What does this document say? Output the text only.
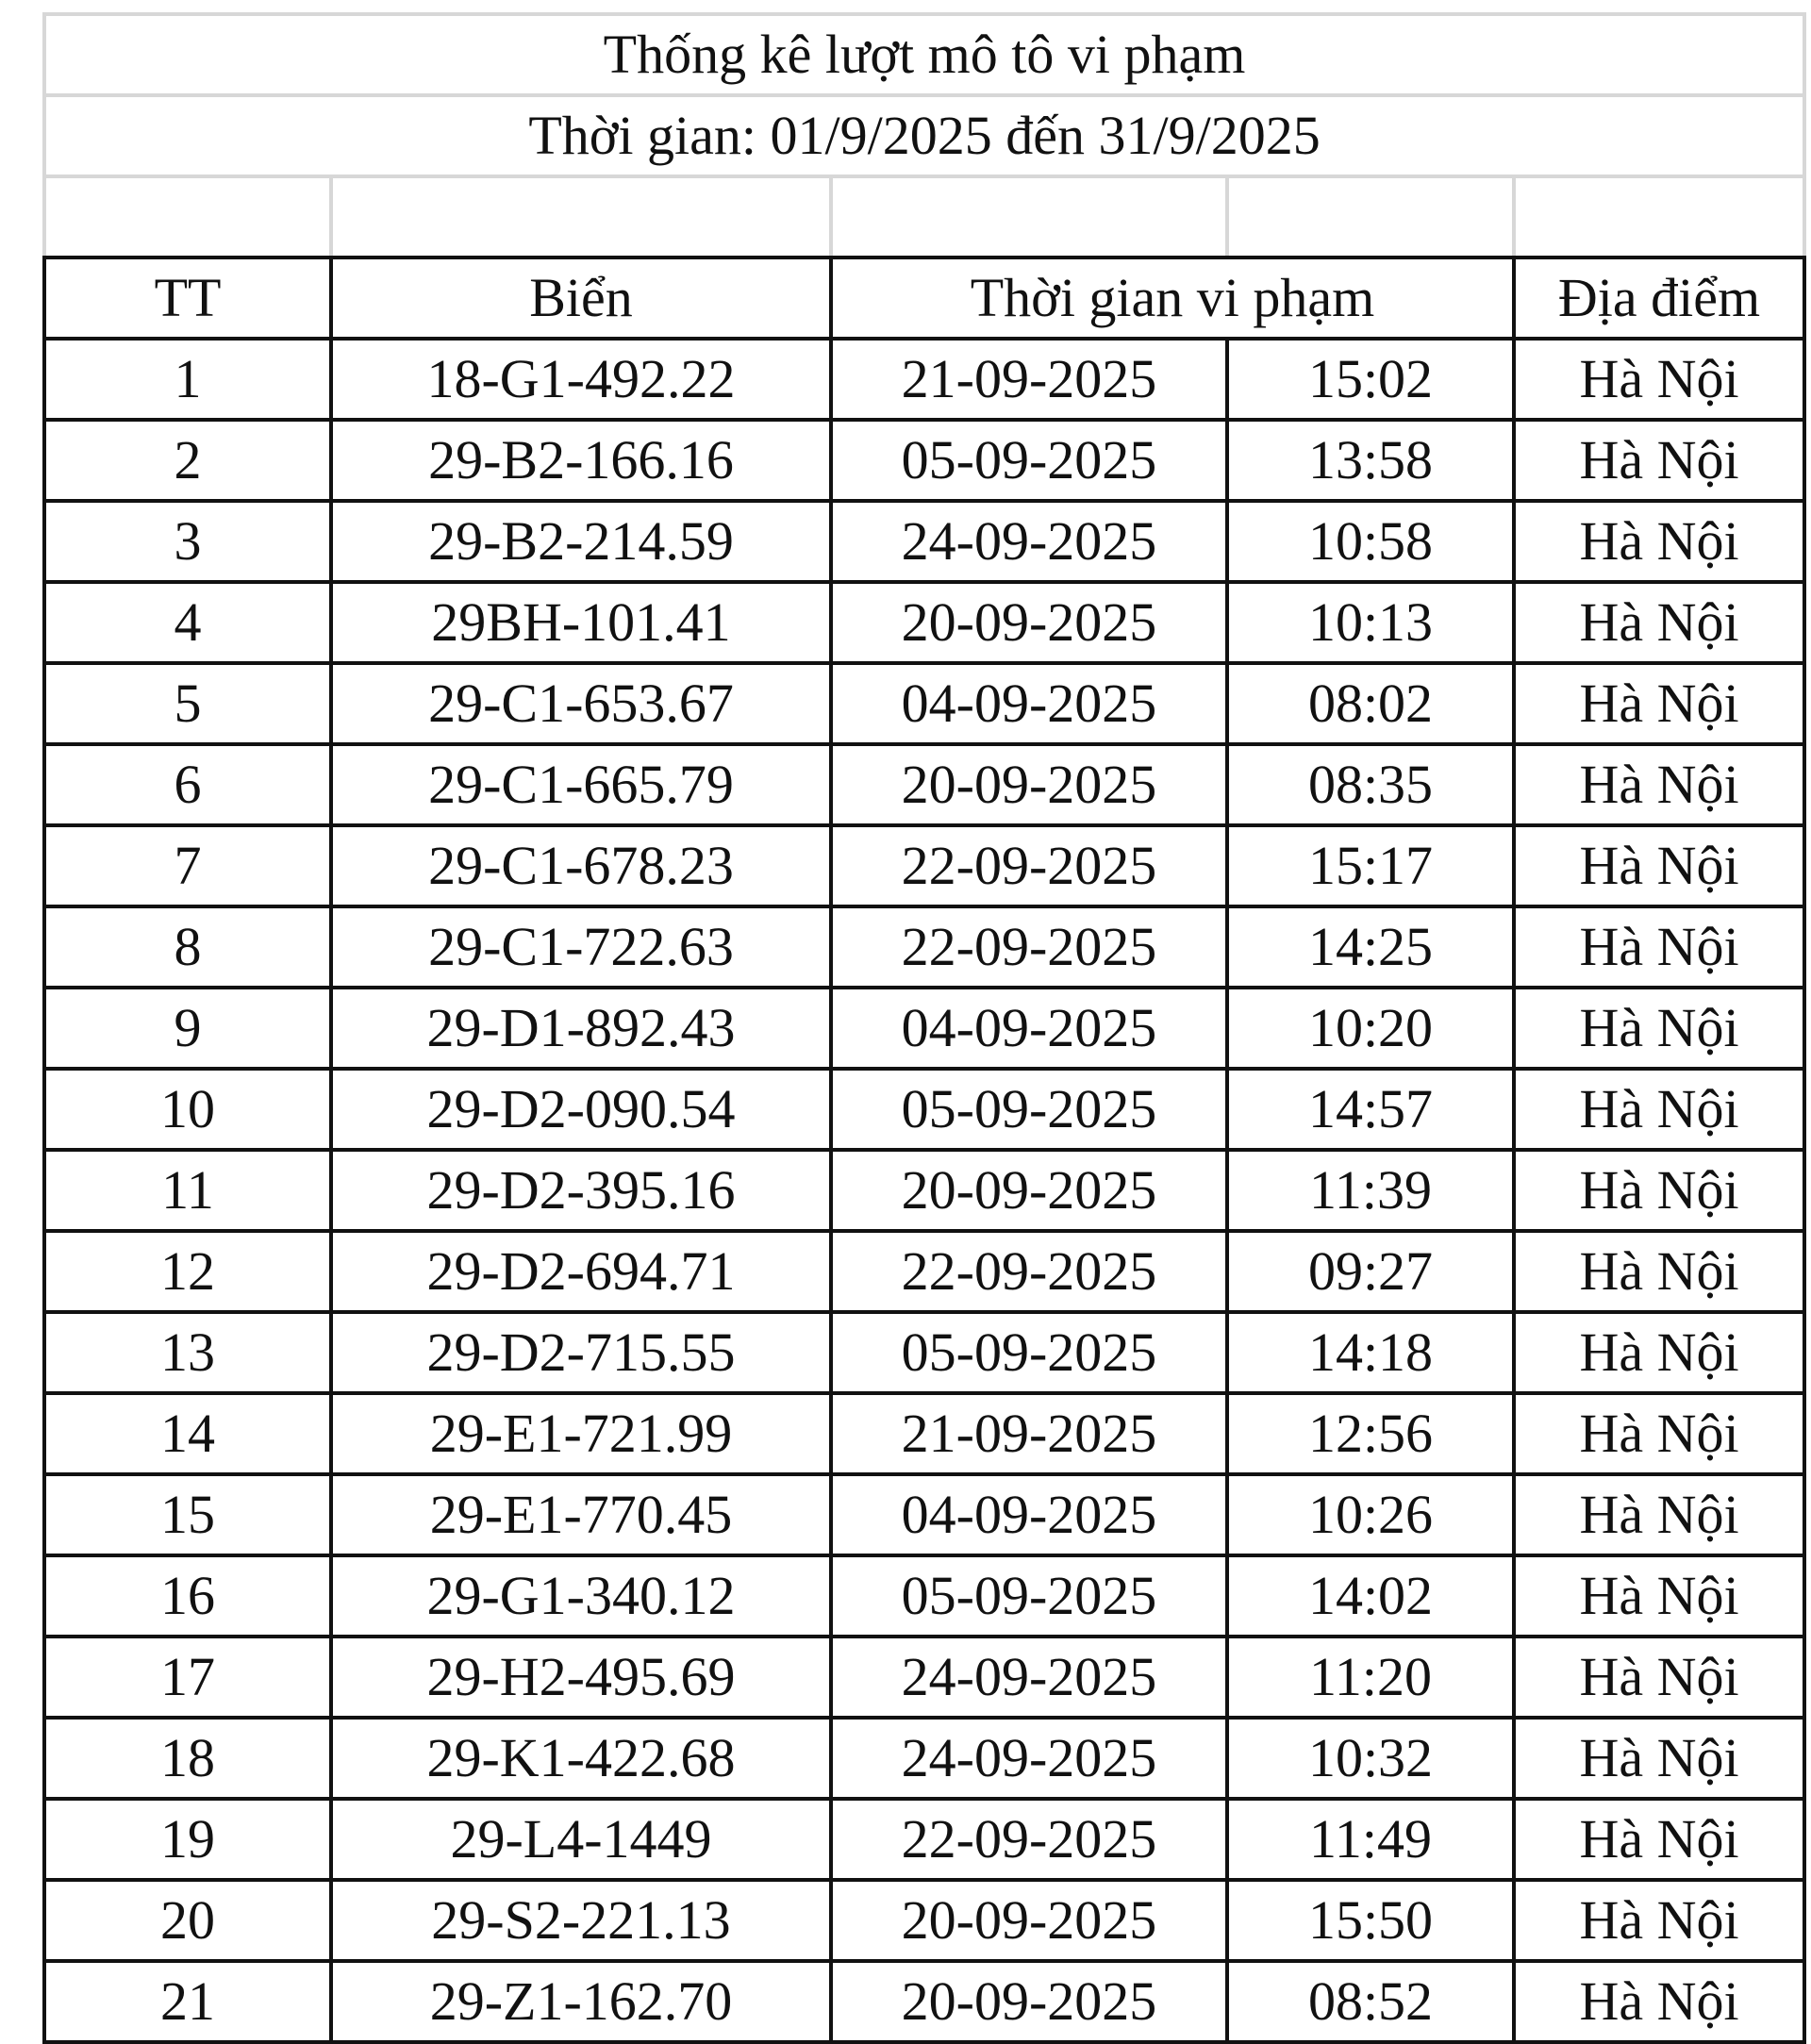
Thống kê lượt mô tô vi phạm				
Thời gian: 01/9/2025 đến 31/9/2025				

TT	Biển	Thời gian vi phạm		Địa điểm
1	18-G1-492.22	21-09-2025	15:02	Hà Nội
2	29-B2-166.16	05-09-2025	13:58	Hà Nội
3	29-B2-214.59	24-09-2025	10:58	Hà Nội
4	29BH-101.41	20-09-2025	10:13	Hà Nội
5	29-C1-653.67	04-09-2025	08:02	Hà Nội
6	29-C1-665.79	20-09-2025	08:35	Hà Nội
7	29-C1-678.23	22-09-2025	15:17	Hà Nội
8	29-C1-722.63	22-09-2025	14:25	Hà Nội
9	29-D1-892.43	04-09-2025	10:20	Hà Nội
10	29-D2-090.54	05-09-2025	14:57	Hà Nội
11	29-D2-395.16	20-09-2025	11:39	Hà Nội
12	29-D2-694.71	22-09-2025	09:27	Hà Nội
13	29-D2-715.55	05-09-2025	14:18	Hà Nội
14	29-E1-721.99	21-09-2025	12:56	Hà Nội
15	29-E1-770.45	04-09-2025	10:26	Hà Nội
16	29-G1-340.12	05-09-2025	14:02	Hà Nội
17	29-H2-495.69	24-09-2025	11:20	Hà Nội
18	29-K1-422.68	24-09-2025	10:32	Hà Nội
19	29-L4-1449	22-09-2025	11:49	Hà Nội
20	29-S2-221.13	20-09-2025	15:50	Hà Nội
21	29-Z1-162.70	20-09-2025	08:52	Hà Nội
